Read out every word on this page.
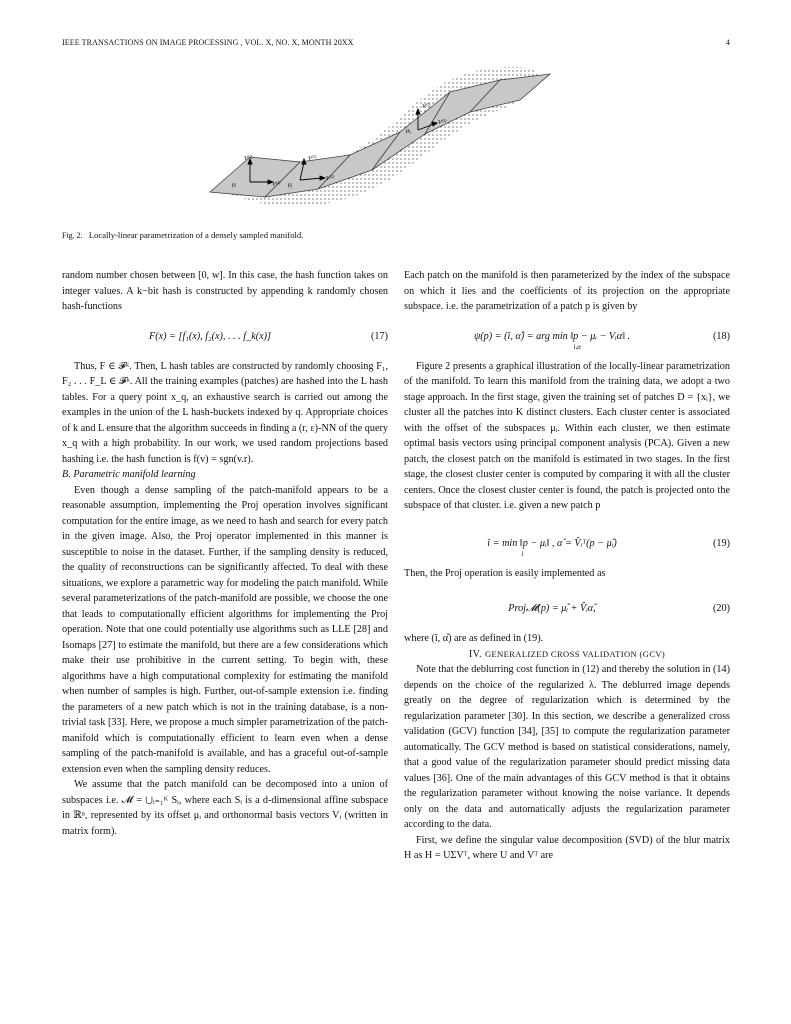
IEEE TRANSACTIONS ON IMAGE PROCESSING , VOL. X, NO. X, MONTH 20XX	4
$\mu_i$
$V^{(1)}$
$V^{(2)}$ $\mu_j$
$V^{(1)}$
$V^{(2)}$
$\mu_k$
$V^{(1)}$
$V^{(2)}$
Fig. 2. Locally-linear parametrization of a densely sampled manifold.

random number chosen between [0, w]. In this case, the hash function takes on integer values. A k−bit hash is constructed by appending k randomly chosen hash-functions

F(x) = [f₁(x), f₂(x), . . . f_k(x)]	(17)

Thus, F ∈ 𝓕ᵏ. Then, L hash tables are constructed by randomly choosing F₁, F₂ . . . F_L ∈ 𝓕ᵏ. All the training examples (patches) are hashed into the L hash tables. For a query point x_q, an exhaustive search is carried out among the examples in the union of the L hash-buckets indexed by q. Appropriate choices of k and L ensure that the algorithm succeeds in finding a (r, ε)-NN of the query x_q with a high probability. In our work, we used random projections based hashing i.e. the hash function is f(v) = sgn(v.r).

B. Parametric manifold learning

Even though a dense sampling of the patch-manifold appears to be a reasonable assumption, implementing the Proj operation involves significant computation for the entire image, as we need to hash and search for every patch in the given image. Also, the Proj operator implemented in this manner is susceptible to noise in the dataset. Further, if the sampling density is reduced, the quality of reconstructions can be significantly affected. To deal with these situations, we explore a parametric way for modeling the patch manifold. While several parameterizations of the patch-manifold are possible, we choose the one that leads to computationally efficient algorithms for implementing the Proj operation. Note that one could potentially use algorithms such as LLE [28] and Isomaps [27] to estimate the manifold, but there are a few considerations which make their use prohibitive in the current setting. To begin with, these algorithms have a high computational complexity for estimating the manifold when number of samples is high. Further, out-of-sample extension i.e. finding the parameters of a new patch which is not in the training database, is a non-trivial task [33]. Here, we propose a much simpler parametrization of the patch-manifold which is computationally efficient to learn even when a dense sampling of the patch-manifold is available, and has a graceful out-of-sample extension even when the sampling density reduces.

We assume that the patch manifold can be decomposed into a union of subspaces i.e. 𝓜 = ⋃ᵢ₌₁ᴷ Sᵢ, where each Sᵢ is a d-dimensional affine subspace in ℝⁿ, represented by its offset μᵢ and orthonormal basis vectors Vᵢ (written in matrix form).

Each patch on the manifold is then parameterized by the index of the subspace on which it lies and the coefficients of its projection on the appropriate subspace. i.e. the parametrization of a patch p is given by

ψ(p) = (î, α̂) = arg min ‖p − μᵢ − Vᵢα‖ .
i,α
(18)

Figure 2 presents a graphical illustration of the locally-linear parametrization of the manifold. To learn this manifold from the training data, we adopt a two stage approach. In the first stage, given the training set of patches D = {xᵢ}, we cluster all the patches into K distinct clusters. Each cluster center is associated with the offset of the subspaces μᵢ. Within each cluster, we then estimate optimal basis vectors using principal component analysis (PCA). Given a new patch, the closest patch on the manifold is estimated in two stages. In the first stage, the closest cluster center is computed by comparing it with all the cluster centers. Once the closest cluster center is found, the patch is projected onto the subspace of that cluster. i.e. given a new patch p

î = min ‖p − μᵢ‖ , α̂ = V̂ᵢᵀ(p − μ̂ᵢ)
i
(19)

Then, the Proj operation is easily implemented as

Proj𝓜(p) = μ̂ᵢ + V̂ᵢα̂,	(20)

where (î, α̂) are as defined in (19).

IV. GENERALIZED CROSS VALIDATION (GCV)

Note that the deblurring cost function in (12) and thereby the solution in (14) depends on the choice of the regularized λ. The deblurred image depends greatly on the degree of regularization which is determined by the regularization parameter [30]. In this section, we describe a generalized cross validation (GCV) function [34], [35] to compute the regularization parameter automatically. The GCV method is based on statistical considerations, namely, that a good value of the regularization parameter should predict missing data values [36]. One of the main advantages of this GCV method is that it obtains the regularization parameter without knowing the noise variance. It depends only on the data and automatically adjusts the regularization parameter according to the data.

First, we define the singular value decomposition (SVD) of the blur matrix H as H = UΣVᵀ, where U and Vᵀ are
